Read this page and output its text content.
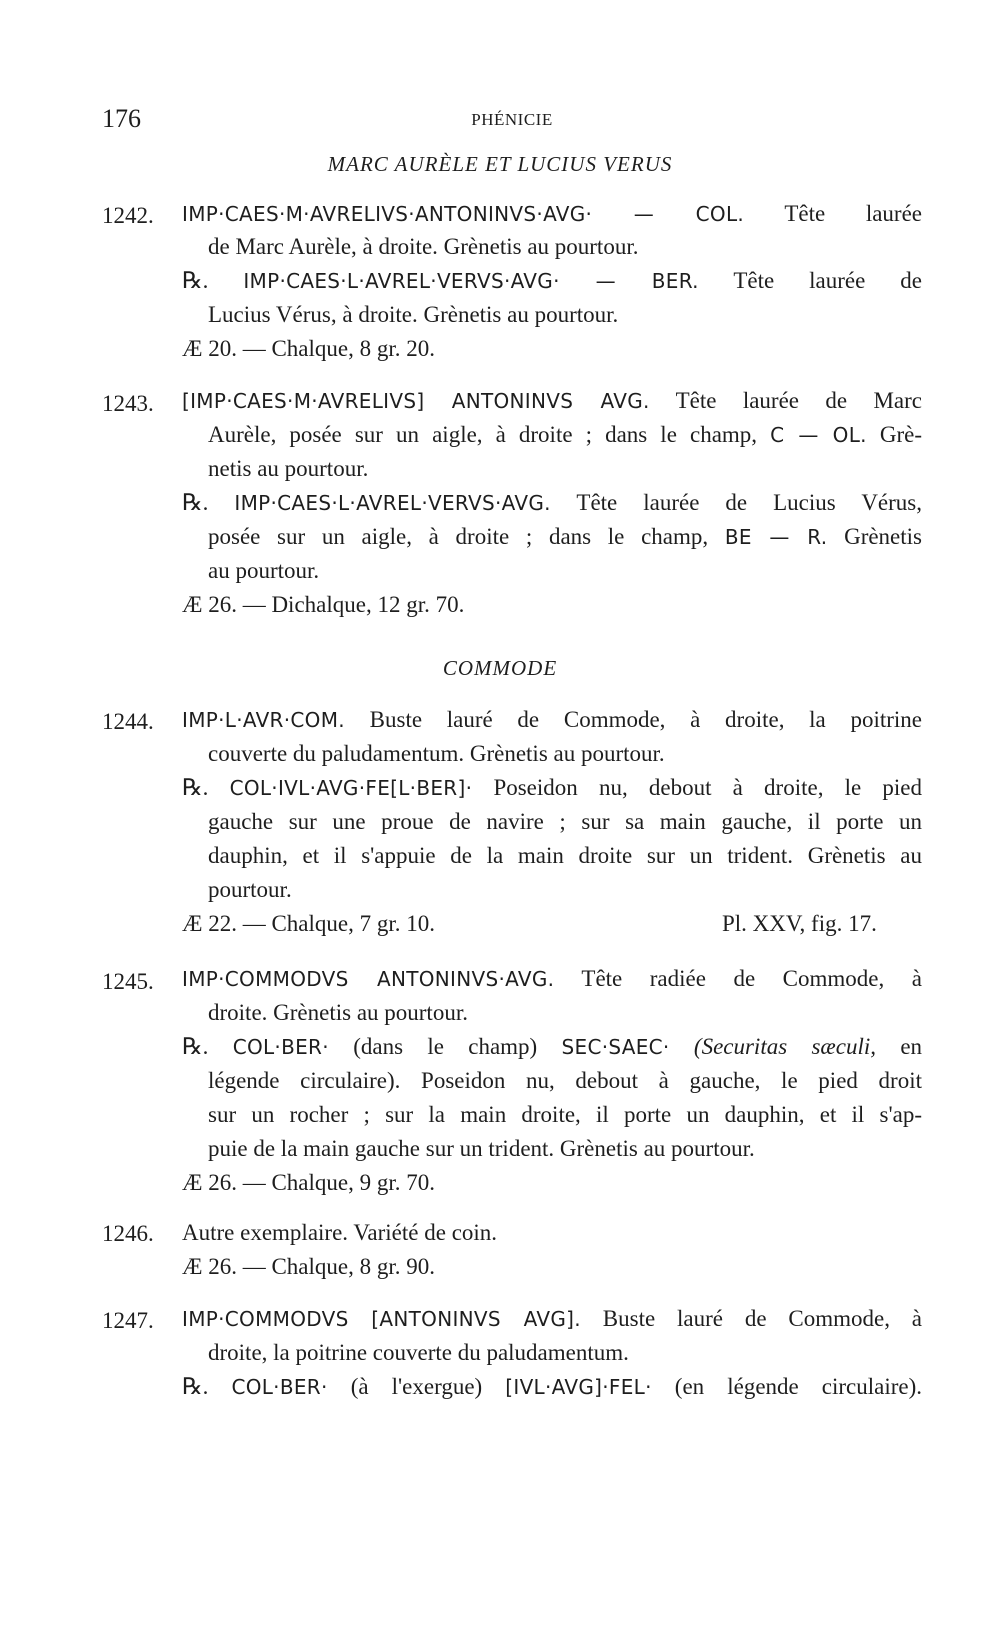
176	PHÉNICIE
MARC AURÈLE ET LUCIUS VERUS
1242. IMP·CAES·M·AVRELIVS·ANTONINVS·AVG· — COL. Tête laurée
de Marc Aurèle, à droite. Grènetis au pourtour.
℞. IMP·CAES·L·AVREL·VERVS·AVG· — BER. Tête laurée de
Lucius Vérus, à droite. Grènetis au pourtour.
Æ 20. — Chalque, 8 gr. 20.
1243. [IMP·CAES·M·AVRELIVS] ANTONINVS AVG. Tête laurée de Marc
Aurèle, posée sur un aigle, à droite ; dans le champ, C — OL. Grè-
netis au pourtour.
℞. IMP·CAES·L·AVREL·VERVS·AVG. Tête laurée de Lucius Vérus,
posée sur un aigle, à droite ; dans le champ, BE — R. Grènetis
au pourtour.
Æ 26. — Dichalque, 12 gr. 70.
COMMODE
1244. IMP·L·AVR·COM. Buste lauré de Commode, à droite, la poitrine
couverte du paludamentum. Grènetis au pourtour.
℞. COL·IVL·AVG·FE[L·BER]· Poseidon nu, debout à droite, le pied
gauche sur une proue de navire ; sur sa main gauche, il porte un
dauphin, et il s'appuie de la main droite sur un trident. Grènetis au
pourtour.
Æ 22. — Chalque, 7 gr. 10.	Pl. XXV, fig. 17.
1245. IMP·COMMODVS ANTONINVS·AVG. Tête radiée de Commode, à
droite. Grènetis au pourtour.
℞. COL·BER· (dans le champ) SEC·SAEC· (Securitas sæculi, en
légende circulaire). Poseidon nu, debout à gauche, le pied droit
sur un rocher ; sur la main droite, il porte un dauphin, et il s'ap-
puie de la main gauche sur un trident. Grènetis au pourtour.
Æ 26. — Chalque, 9 gr. 70.
1246. Autre exemplaire. Variété de coin.
Æ 26. — Chalque, 8 gr. 90.
1247. IMP·COMMODVS [ANTONINVS AVG]. Buste lauré de Commode, à
droite, la poitrine couverte du paludamentum.
℞. COL·BER· (à l'exergue) [IVL·AVG]·FEL· (en légende circulaire).
